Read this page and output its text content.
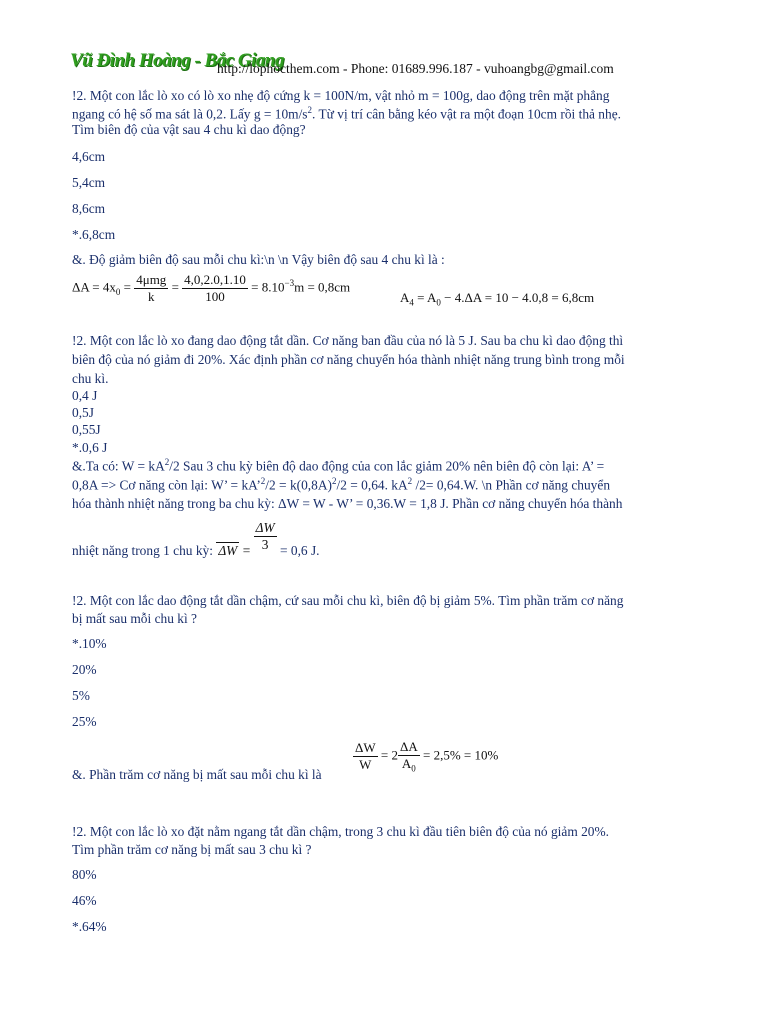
Vũ Đình Hoàng - Bắc Giang
http://lophocthem.com - Phone: 01689.996.187 - vuhoangbg@gmail.com
!2. Một con lắc lò xo có lò xo nhẹ độ cứng k = 100N/m, vật nhỏ m = 100g, dao động trên mặt phẳng
ngang có hệ số ma sát là 0,2. Lấy $g = 10m/s^2$. Từ vị trí cân bằng kéo vật ra một đoạn 10cm rồi thả nhẹ.
Tìm biên độ của vật sau 4 chu kì dao động?
4,6cm
5,4cm
8,6cm
*.6,8cm
&. Độ giảm biên độ sau mỗi chu kì:\n \n Vậy biên độ sau 4 chu kì là :
$\Delta A = 4x_0 = \frac{\text{4μmg}}{k} = \frac{4,0,2.0,1.10}{100} = 8.10^{-3}m = 0,8cm$
$A_4 = A_0 - 4.\Delta A = 10 - 4.0,8 = 6,8cm$
!2. Một con lắc lò xo đang dao động tắt dần. Cơ năng ban đầu của nó là 5 J. Sau ba chu kì dao động thì
biên độ của nó giảm đi 20%. Xác định phần cơ năng chuyển hóa thành nhiệt năng trung bình trong mỗi
chu kì.
0,4 J
0,5J
0,55J
*.0,6 J
&.Ta có: $W = kA^2/2$ Sau 3 chu kỳ biên độ dao động của con lắc giảm 20% nên biên độ còn lại: A’ =
0,8A => Cơ năng còn lại: W’ = kA’$^2$/2 = $k(0,8A)^2/2 = 0,64$. $kA^2$ /2= 0,64.W. \n Phần cơ năng chuyển
hóa thành nhiệt năng trong ba chu kỳ: ΔW = W - W’ = 0,36.W = 1,8 J. Phần cơ năng chuyển hóa thành
nhiệt năng trong 1 chu kỳ: $\Delta W = \frac{\Delta W}{3} = 0,6$ J.
!2. Một con lắc dao động tắt dần chậm, cứ sau mỗi chu kì, biên độ bị giảm 5%. Tìm phần trăm cơ năng
bị mất sau mỗi chu kì ?
*.10%
20%
5%
25%
&. Phần trăm cơ năng bị mất sau mỗi chu kì là
$\frac{\Delta W}{W} = 2 \frac{\Delta A}{A_0} = 2,5\% = 10\%$
!2. Một con lắc lò xo đặt nằm ngang tắt dần chậm, trong 3 chu kì đầu tiên biên độ của nó giảm 20%.
Tìm phần trăm cơ năng bị mất sau 3 chu kì ?
80%
46%
*.64%
